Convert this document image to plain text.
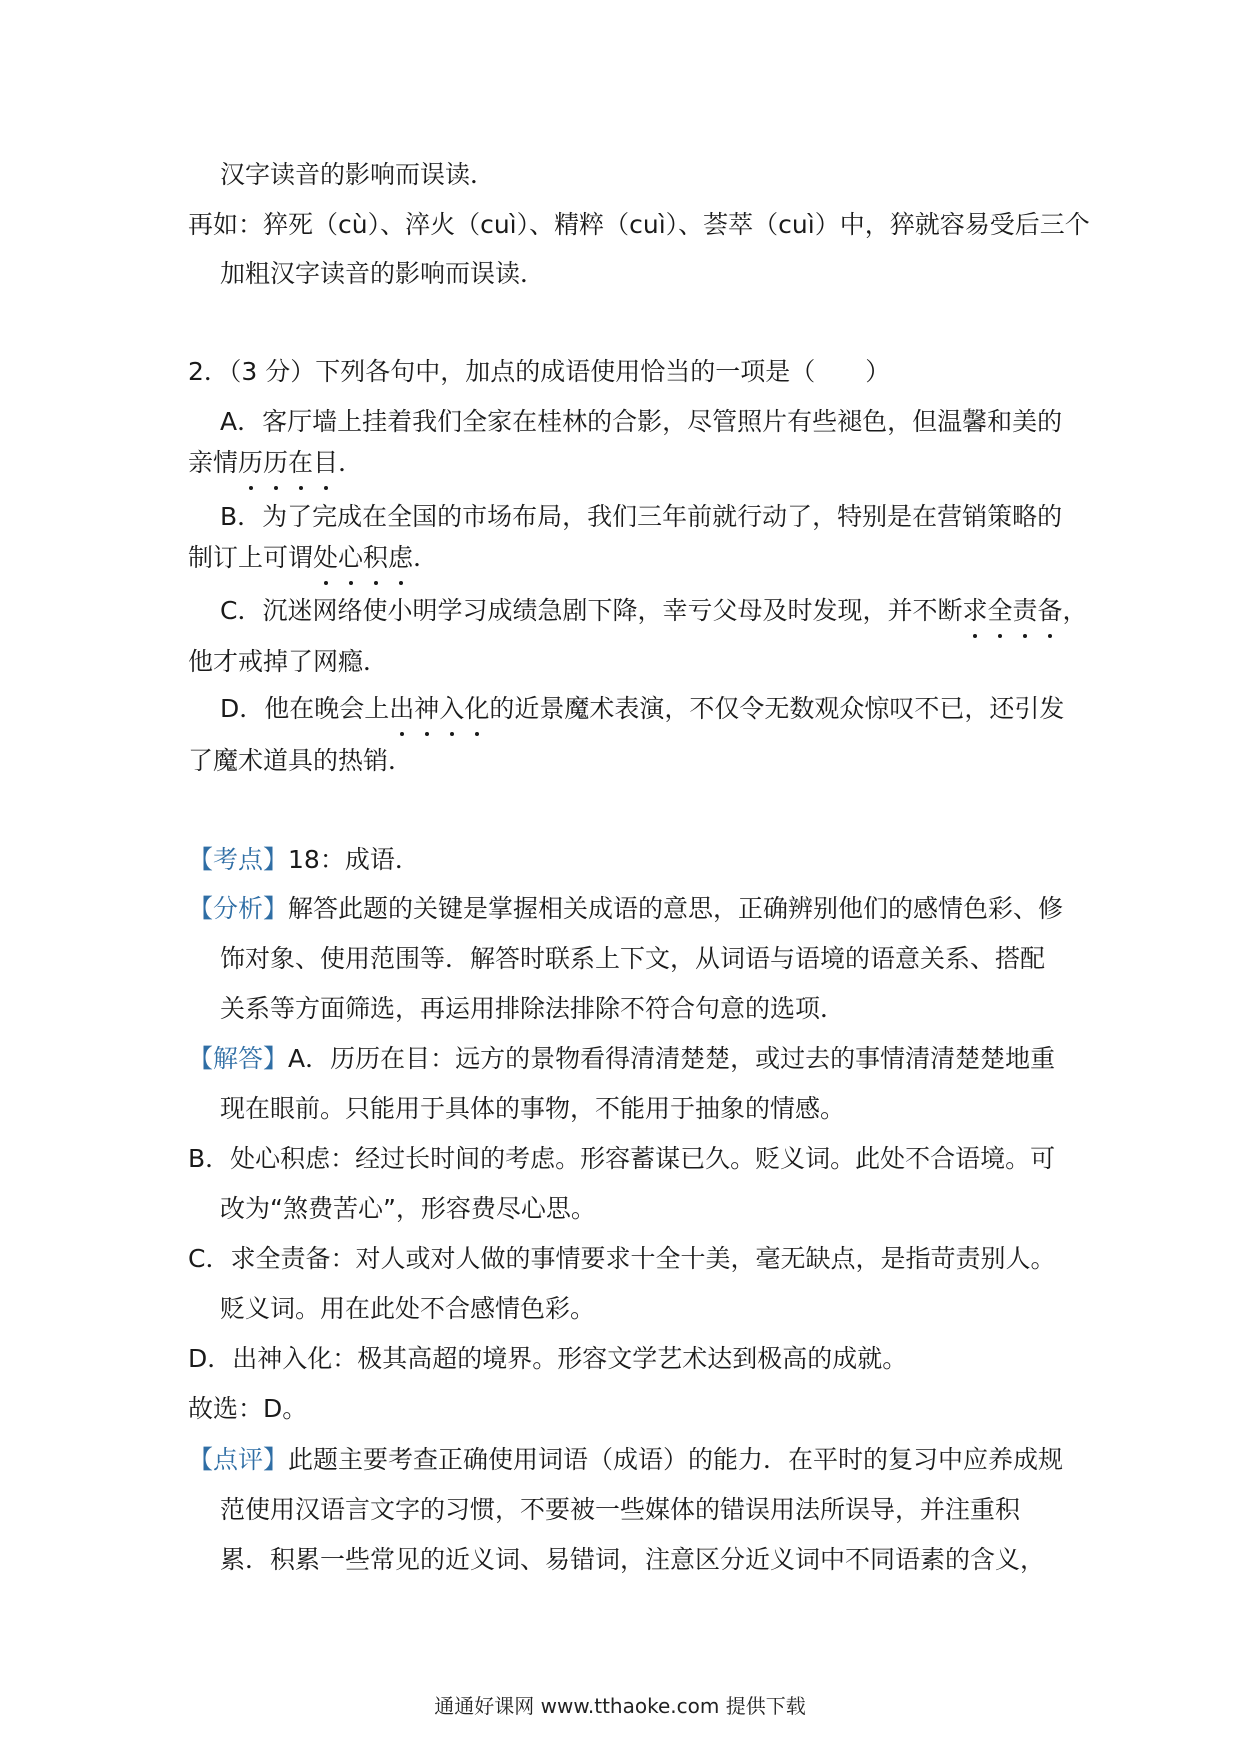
汉字读音的影响而误读．
再如：猝死（cù）、淬火（cuì）、精粹（cuì）、荟萃（cuì）中，猝就容易受后三个
加粗汉字读音的影响而误读．
2．（3 分）下列各句中，加点的成语使用恰当的一项是（　　）
A．客厅墙上挂着我们全家在桂林的合影，尽管照片有些褪色，但温馨和美的
亲情历历在目．
B．为了完成在全国的市场布局，我们三年前就行动了，特别是在营销策略的
制订上可谓处心积虑．
C．沉迷网络使小明学习成绩急剧下降，幸亏父母及时发现，并不断求全责备，
他才戒掉了网瘾．
D．他在晚会上出神入化的近景魔术表演，不仅令无数观众惊叹不已，还引发
了魔术道具的热销．
【考点】18：成语．
【分析】解答此题的关键是掌握相关成语的意思，正确辨别他们的感情色彩、修
饰对象、使用范围等．解答时联系上下文，从词语与语境的语意关系、搭配
关系等方面筛选，再运用排除法排除不符合句意的选项．
【解答】A．历历在目：远方的景物看得清清楚楚，或过去的事情清清楚楚地重
现在眼前。只能用于具体的事物，不能用于抽象的情感。
B．处心积虑：经过长时间的考虑。形容蓄谋已久。贬义词。此处不合语境。可
改为“煞费苦心”，形容费尽心思。
C．求全责备：对人或对人做的事情要求十全十美，毫无缺点，是指苛责别人。
贬义词。用在此处不合感情色彩。
D．出神入化：极其高超的境界。形容文学艺术达到极高的成就。
故选：D。
【点评】此题主要考查正确使用词语（成语）的能力．在平时的复习中应养成规
范使用汉语言文字的习惯，不要被一些媒体的错误用法所误导，并注重积
累．积累一些常见的近义词、易错词，注意区分近义词中不同语素的含义，
通通好课网 www.tthaoke.com 提供下载
